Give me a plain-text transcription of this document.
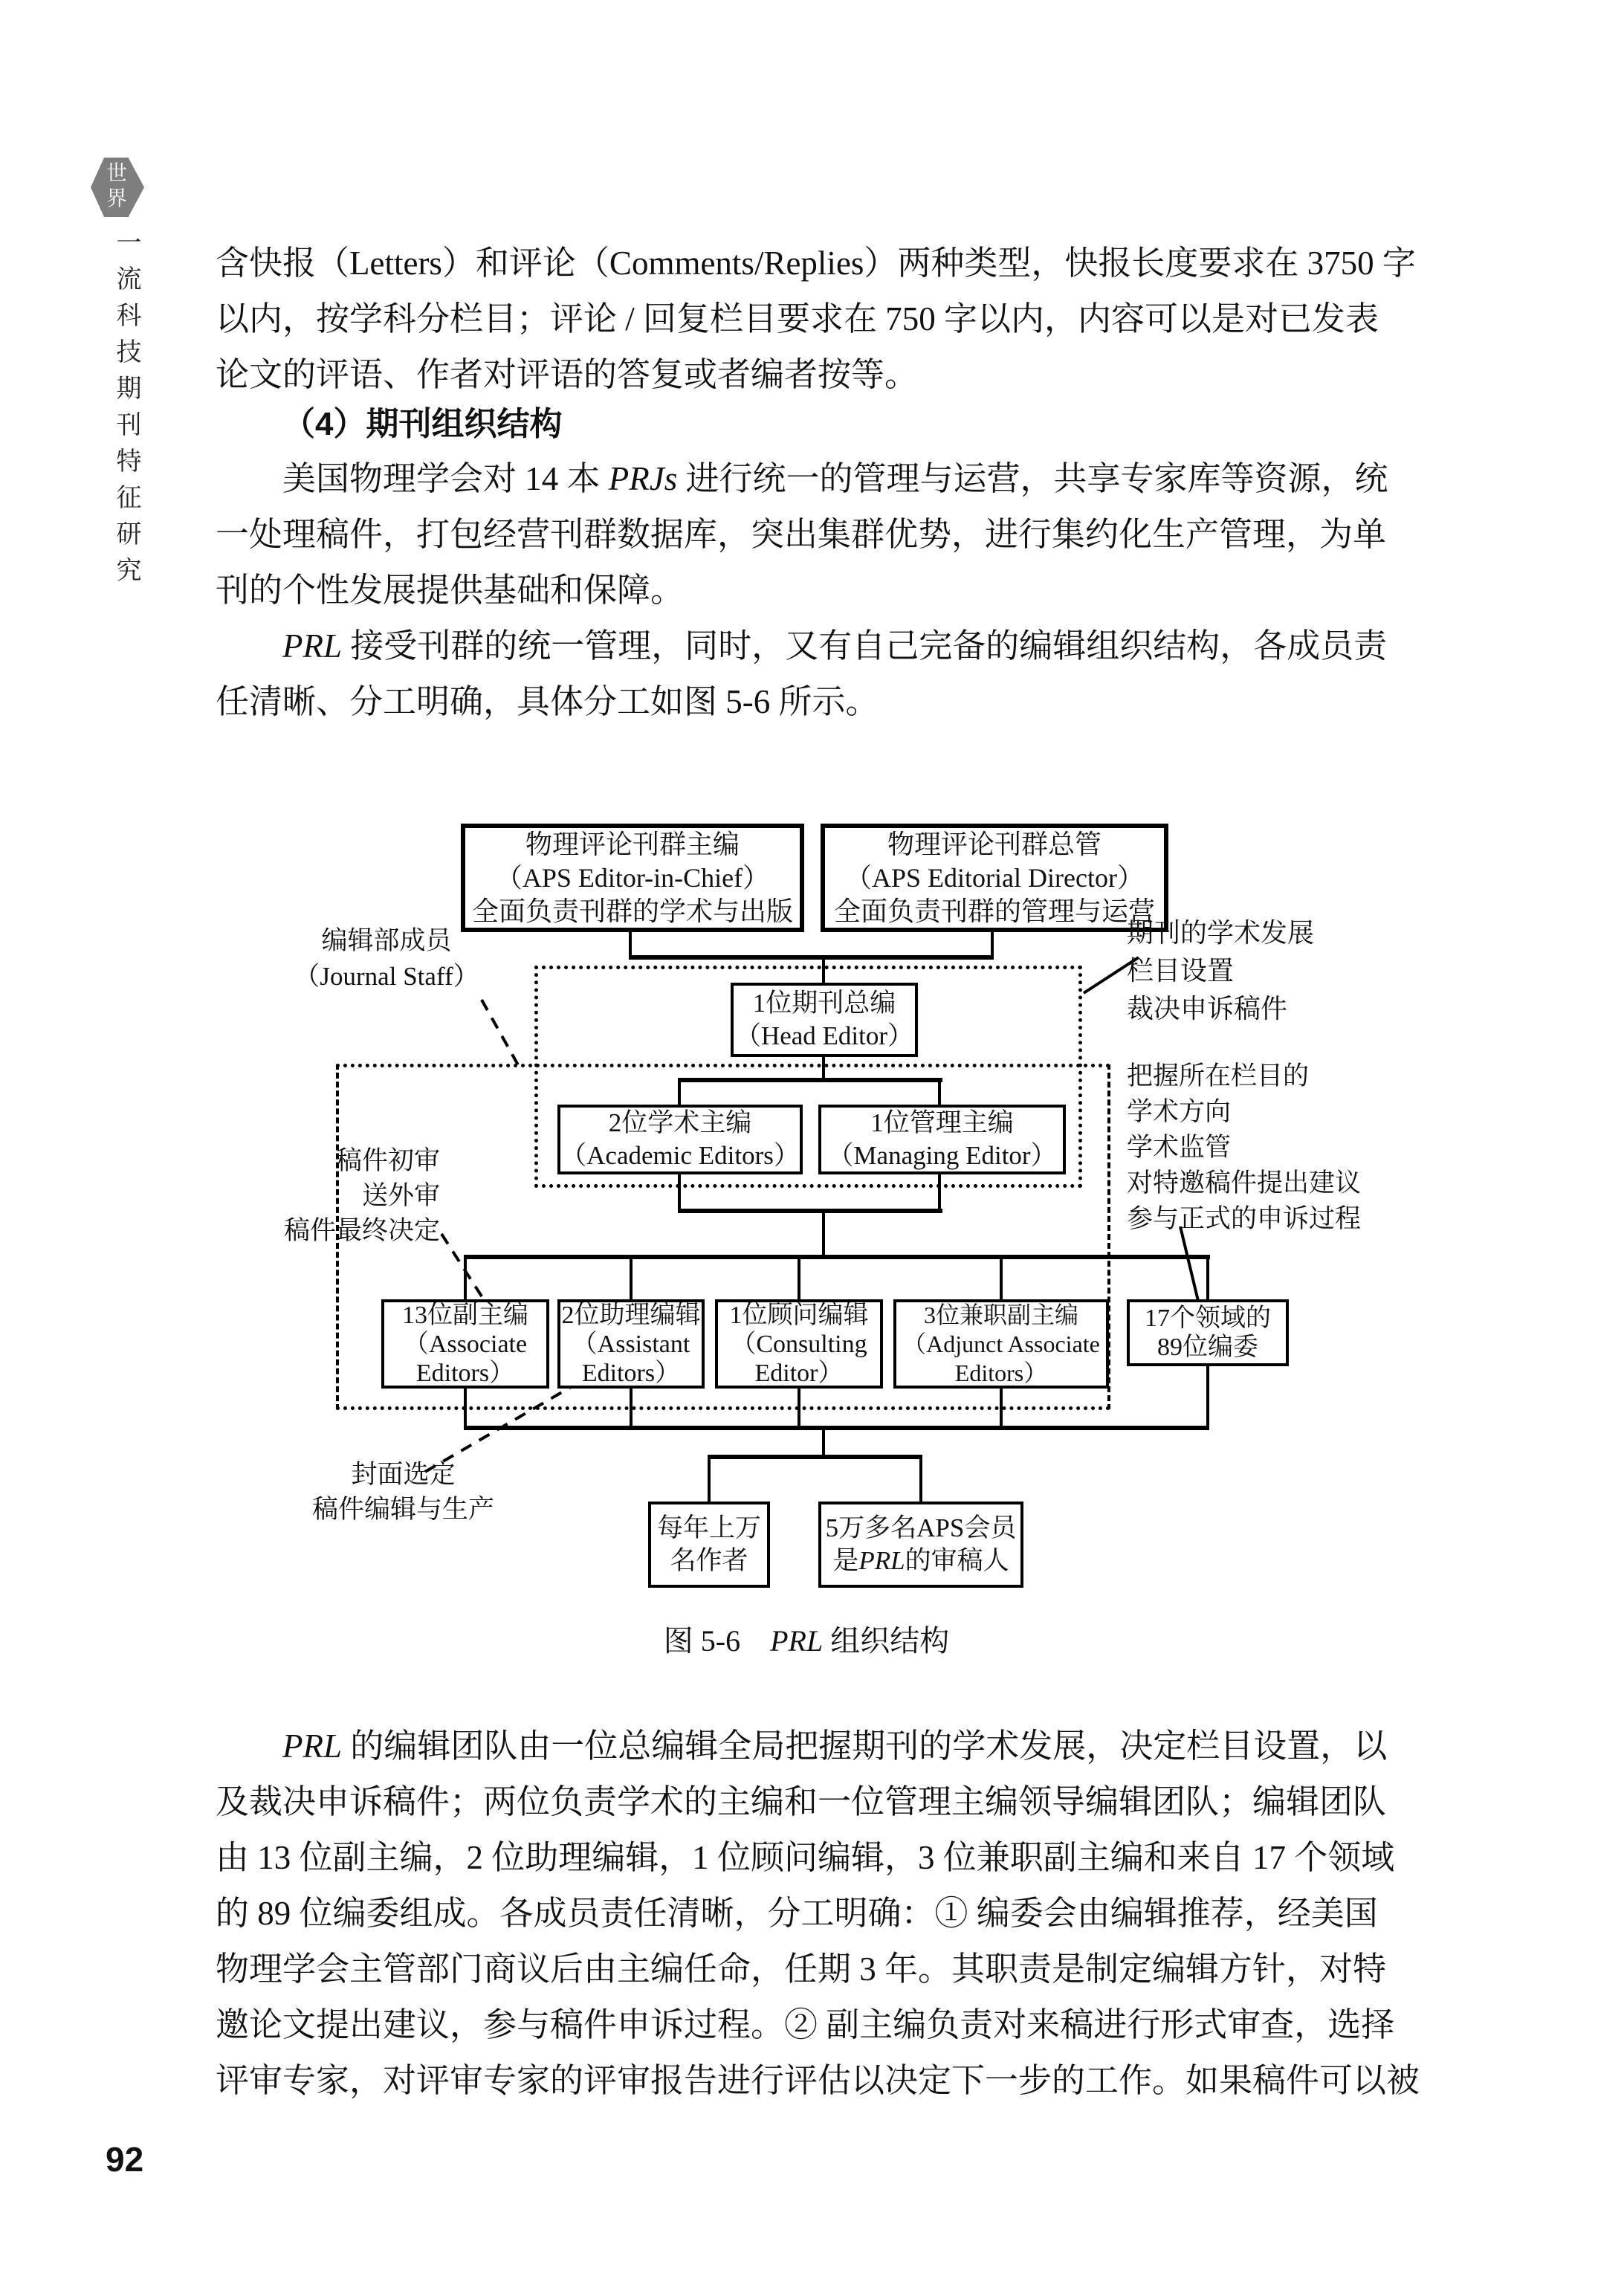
世
界
一流科技期刊特征研究
92
含快报（Letters）和评论（Comments/Replies）两种类型，快报长度要求在 3750 字
以内，按学科分栏目；评论 / 回复栏目要求在 750 字以内，内容可以是对已发表
论文的评语、作者对评语的答复或者编者按等。
（4）期刊组织结构
美国物理学会对 14 本 PRJs 进行统一的管理与运营，共享专家库等资源，统
一处理稿件，打包经营刊群数据库，突出集群优势，进行集约化生产管理，为单
刊的个性发展提供基础和保障。
PRL 接受刊群的统一管理，同时，又有自己完备的编辑组织结构，各成员责
任清晰、分工明确，具体分工如图 5-6 所示。
物理评论刊群主编
（APS Editor-in-Chief）
全面负责刊群的学术与出版
物理评论刊群总管
（APS Editorial Director）
全面负责刊群的管理与运营
1位期刊总编
（Head Editor）
2位学术主编
（Academic Editors）
1位管理主编
（Managing Editor）
13位副主编
（Associate
Editors）
2位助理编辑
（Assistant
Editors）
1位顾问编辑
（Consulting
Editor）
3位兼职副主编
（Adjunct Associate
Editors）
17个领域的
89位编委
每年上万
名作者
5万多名APS会员
是PRL的审稿人
编辑部成员
（Journal Staff）
期刊的学术发展
栏目设置
裁决申诉稿件
把握所在栏目的
学术方向
学术监管
对特邀稿件提出建议
参与正式的申诉过程
稿件初审
送外审
稿件最终决定
封面选定
稿件编辑与生产
图 5-6  PRL  组织结构
PRL 的编辑团队由一位总编辑全局把握期刊的学术发展，决定栏目设置，以
及裁决申诉稿件；两位负责学术的主编和一位管理主编领导编辑团队；编辑团队
由 13 位副主编，2 位助理编辑，1 位顾问编辑，3 位兼职副主编和来自 17 个领域
的 89 位编委组成。各成员责任清晰，分工明确：① 编委会由编辑推荐，经美国
物理学会主管部门商议后由主编任命，任期 3 年。其职责是制定编辑方针，对特
邀论文提出建议，参与稿件申诉过程。② 副主编负责对来稿进行形式审查，选择
评审专家，对评审专家的评审报告进行评估以决定下一步的工作。如果稿件可以被
